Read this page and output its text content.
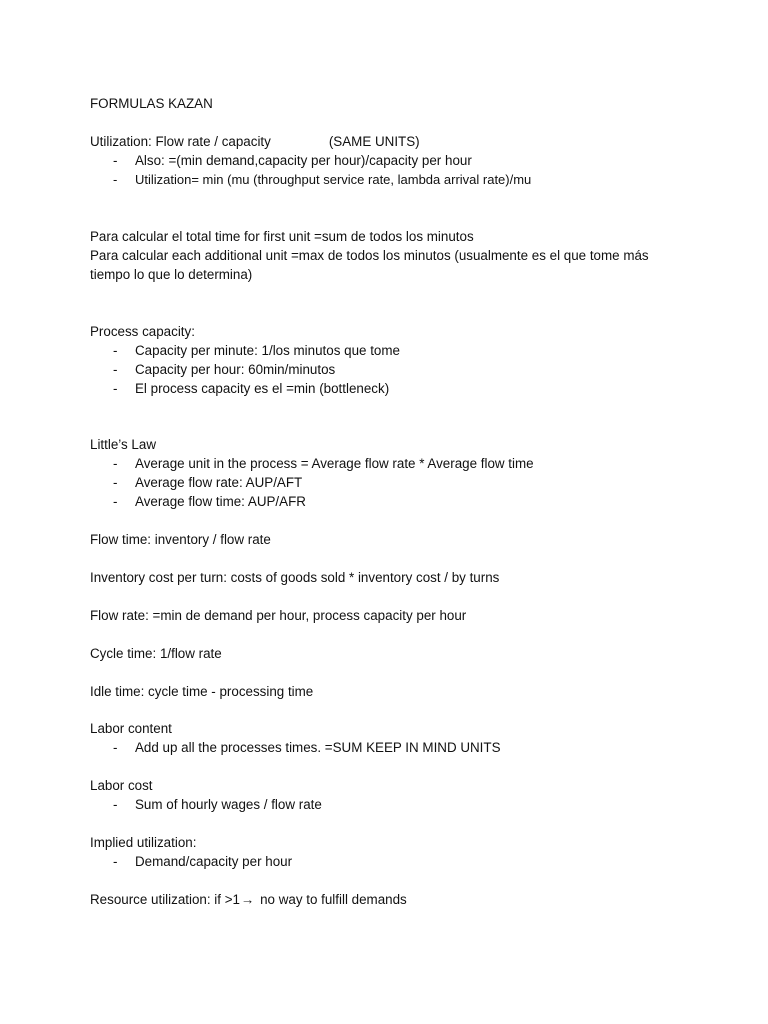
FORMULAS KAZAN
Utilization: Flow rate / capacity	(SAME UNITS)
- Also: =(min demand,capacity per hour)/capacity per hour
- Utilization= min (mu (throughput service rate, lambda arrival rate)/mu
Para calcular el total time for first unit =sum de todos los minutos
Para calcular each additional unit =max de todos los minutos (usualmente es el que tome más
tiempo lo que lo determina)
Process capacity:
- Capacity per minute: 1/los minutos que tome
- Capacity per hour: 60min/minutos
- El process capacity es el =min (bottleneck)
Little’s Law
- Average unit in the process = Average flow rate * Average flow time
- Average flow rate: AUP/AFT
- Average flow time: AUP/AFR
Flow time: inventory / flow rate
Inventory cost per turn: costs of goods sold * inventory cost / by turns
Flow rate: =min de demand per hour, process capacity per hour
Cycle time: 1/flow rate
Idle time: cycle time - processing time
Labor content
- Add up all the processes times. =SUM KEEP IN MIND UNITS
Labor cost
- Sum of hourly wages / flow rate
Implied utilization:
- Demand/capacity per hour
Resource utilization: if >1→ no way to fulfill demands
